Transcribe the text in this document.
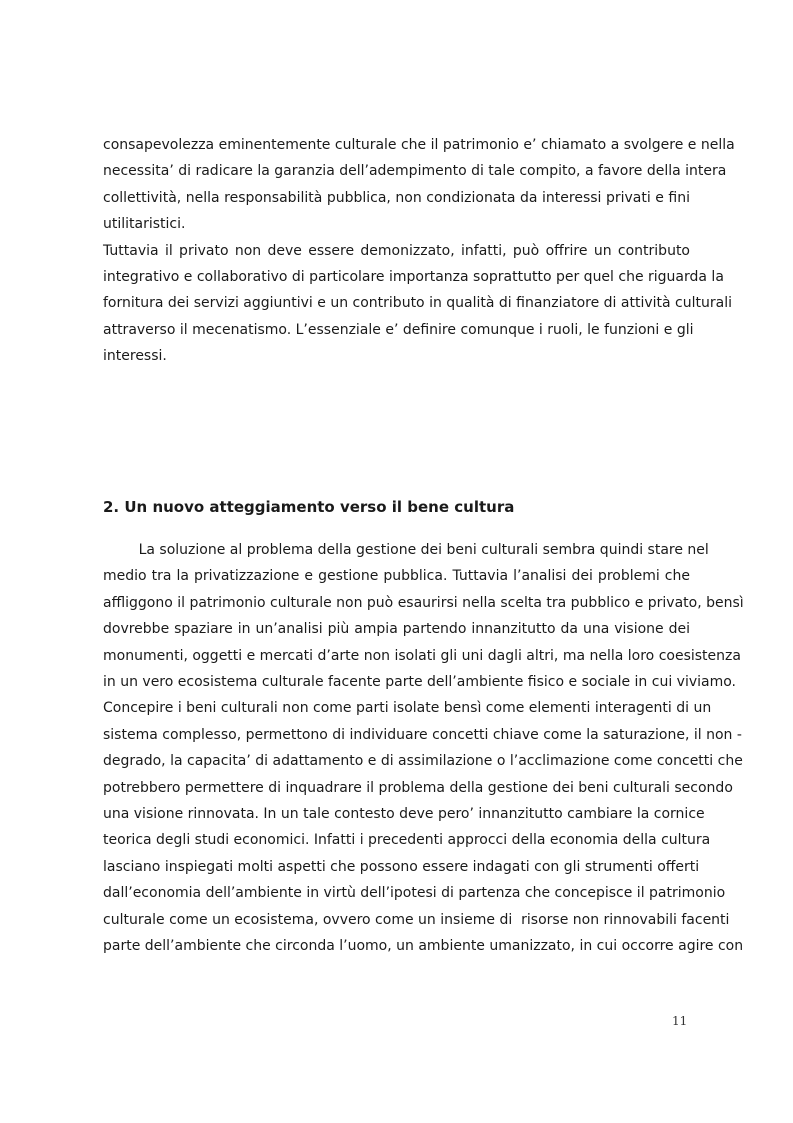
consapevolezza eminentemente culturale che il patrimonio e’ chiamato a svolgere e nella
necessita’ di radicare la garanzia dell’adempimento di tale compito, a favore della intera
collettività, nella responsabilità pubblica, non condizionata da interessi privati e fini
utilitaristici.

Tuttavia il privato non deve essere demonizzato, infatti, può offrire un contributo
integrativo e collaborativo di particolare importanza soprattutto per quel che riguarda la
fornitura dei servizi aggiuntivi e un contributo in qualità di finanziatore di attività culturali
attraverso il mecenatismo. L’essenziale e’ definire comunque i ruoli, le funzioni e gli
interessi.

2. Un nuovo atteggiamento verso il bene cultura

La soluzione al problema della gestione dei beni culturali sembra quindi stare nel
medio tra la privatizzazione e gestione pubblica. Tuttavia l’analisi dei problemi che
affliggono il patrimonio culturale non può esaurirsi nella scelta tra pubblico e privato, bensì
dovrebbe spaziare in un’analisi più ampia partendo innanzitutto da una visione dei
monumenti, oggetti e mercati d’arte non isolati gli uni dagli altri, ma nella loro coesistenza
in un vero ecosistema culturale facente parte dell’ambiente fisico e sociale in cui viviamo.
Concepire i beni culturali non come parti isolate bensì come elementi interagenti di un
sistema complesso, permettono di individuare concetti chiave come la saturazione, il non -
degrado, la capacita’ di adattamento e di assimilazione o l’acclimazione come concetti che
potrebbero permettere di inquadrare il problema della gestione dei beni culturali secondo
una visione rinnovata. In un tale contesto deve pero’ innanzitutto cambiare la cornice
teorica degli studi economici. Infatti i precedenti approcci della economia della cultura
lasciano inspiegati molti aspetti che possono essere indagati con gli strumenti offerti
dall’economia dell’ambiente in virtù dell’ipotesi di partenza che concepisce il patrimonio
culturale come un ecosistema, ovvero come un insieme di  risorse non rinnovabili facenti
parte dell’ambiente che circonda l’uomo, un ambiente umanizzato, in cui occorre agire con

11
